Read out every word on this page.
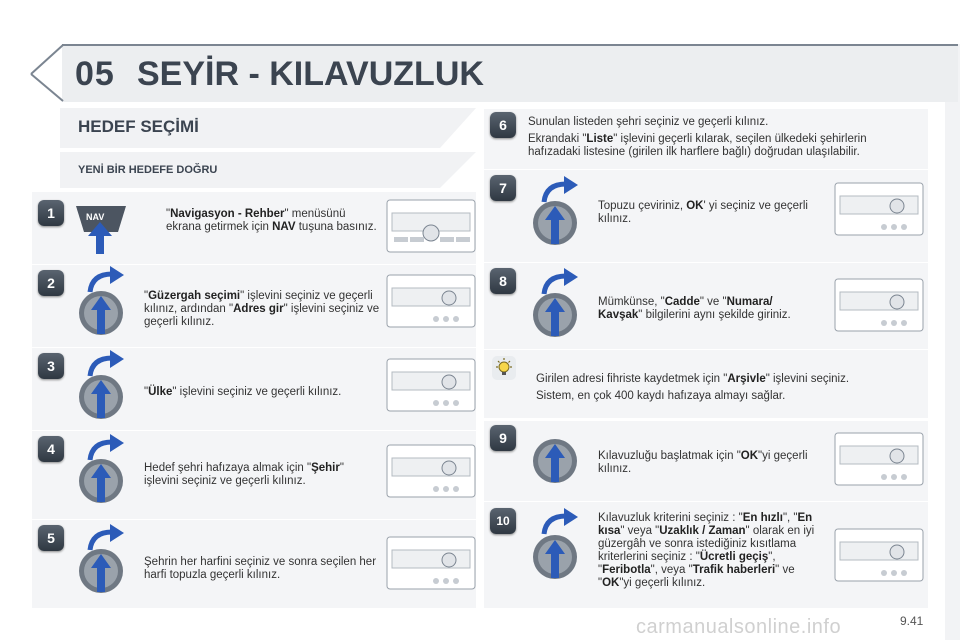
05 SEYİR - KILAVUZLUK
HEDEF SEÇİMİ
YENİ BİR HEDEFE DOĞRU
1
2
3
4
5
6
7
8
9
10
NAV	"Navigasyon - Rehber" menüsünü ekrana getirmek için NAV tuşuna basınız.
"Güzergah seçimi" işlevini seçiniz ve geçerli kılınız, ardından "Adres gir" işlevini seçiniz ve geçerli kılınız.
"Ülke" işlevini seçiniz ve geçerli kılınız.
Hedef şehri hafızaya almak için "Şehir" işlevini seçiniz ve geçerli kılınız.
Şehrin her harfini seçiniz ve sonra seçilen her harfi topuzla geçerli kılınız.
Sunulan listeden şehri seçiniz ve geçerli kılınız.
Ekrandaki "Liste" işlevini geçerli kılarak, seçilen ülkedeki şehirlerin hafızadaki listesine (girilen ilk harflere bağlı) doğrudan ulaşılabilir.
Topuzu çeviriniz, OK' yi seçiniz ve geçerli kılınız.
Mümkünse, "Cadde" ve "Numara/ Kavşak" bilgilerini aynı şekilde giriniz.
Girilen adresi fihriste kaydetmek için "Arşivle" işlevini seçiniz.
Sistem, en çok 400 kaydı hafızaya almayı sağlar.
Kılavuzluğu başlatmak için "OK"yi geçerli kılınız.
Kılavuzluk kriterini seçiniz : "En hızlı", "En kısa" veya "Uzaklık / Zaman" olarak en iyi güzergâh ve sonra istediğiniz kısıtlama kriterlerini seçiniz : "Ücretli geçiş", "Feribotla", veya "Trafik haberleri" ve "OK"yi geçerli kılınız.
carmanualsonline.info	9.41
